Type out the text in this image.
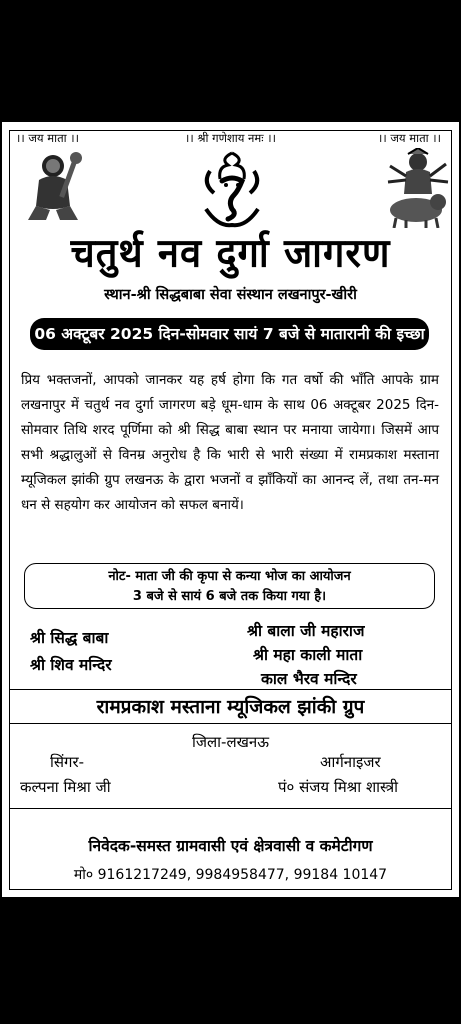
।। जय माता ।।	।। श्री गणेशाय नमः ।।	।। जय माता ।।
चतुर्थ नव दुर्गा जागरण
स्थान-श्री सिद्धबाबा सेवा संस्थान लखनापुर-खीरी
06 अक्टूबर 2025 दिन-सोमवार सायं 7 बजे से मातारानी की इच्छा
प्रिय भक्तजनों, आपको जानकर यह हर्ष होगा कि गत वर्षो की भाँति आपके ग्राम लखनापुर में चतुर्थ नव दुर्गा जागरण बड़े धूम-धाम के साथ 06 अक्टूबर 2025 दिन-सोमवार तिथि शरद पूर्णिमा को श्री सिद्ध बाबा स्थान पर मनाया जायेगा। जिसमें आप सभी श्रद्धालुओं से विनम्र अनुरोध है कि भारी से भारी संख्या में रामप्रकाश मस्ताना म्यूजिकल झांकी ग्रुप लखनऊ के द्वारा भजनों व झाँकियों का आनन्द लें, तथा तन-मन धन से सहयोग कर आयोजन को सफल बनायें।
नोट- माता जी की कृपा से कन्या भोज का आयोजन
3 बजे से सायं 6 बजे तक किया गया है।
श्री सिद्ध बाबा
श्री शिव मन्दिर
श्री बाला जी महाराज
श्री महा काली माता
काल भैरव मन्दिर
रामप्रकाश मस्ताना म्यूजिकल झांकी ग्रुप
जिला-लखनऊ
सिंगर-
कल्पना मिश्रा जी
आर्गनाइजर
पं० संजय मिश्रा शास्त्री
निवेदक-समस्त ग्रामवासी एवं क्षेत्रवासी व कमेटीगण
मो० 9161217249, 9984958477, 99184 10147
